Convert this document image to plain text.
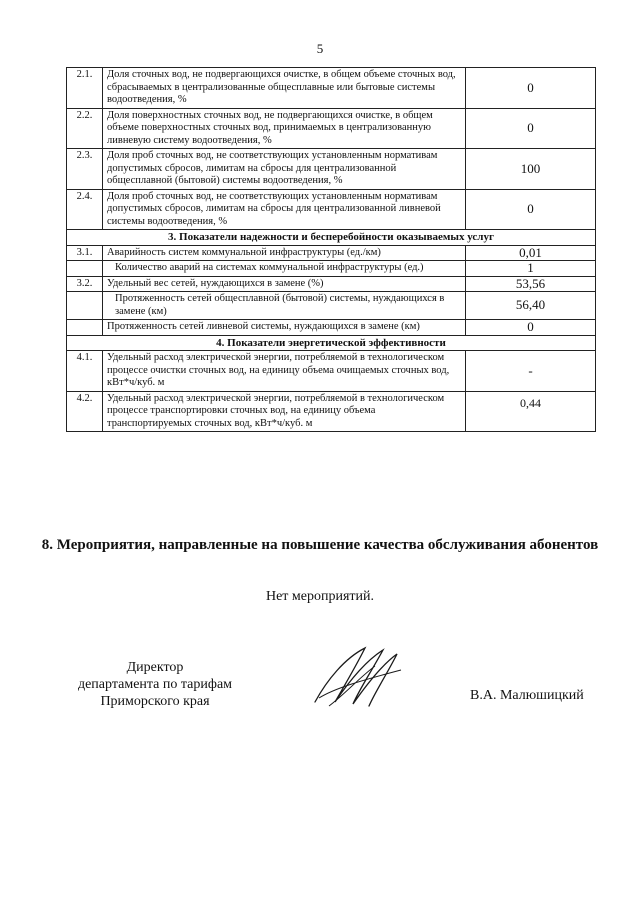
5
2.1.	Доля сточных вод, не подвергающихся очистке, в общем объеме сточных вод, сбрасываемых в централизованные общесплавные или бытовые системы водоотведения, %	0
2.2.	Доля поверхностных сточных вод, не подвергающихся очистке, в общем объеме поверхностных сточных вод, принимаемых в централизованную ливневую систему водоотведения, %	0
2.3.	Доля проб сточных вод, не соответствующих установленным нормативам допустимых сбросов, лимитам на сбросы для централизованной общесплавной (бытовой) системы водоотведения, %	100
2.4.	Доля проб сточных вод, не соответствующих установленным нормативам допустимых сбросов, лимитам на сбросы для централизованной ливневой системы водоотведения, %	0
3. Показатели надежности и бесперебойности оказываемых услуг		
3.1.	Аварийность систем коммунальной инфраструктуры (ед./км)	0,01
	Количество аварий на системах коммунальной инфраструктуры (ед.)	1
3.2.	Удельный вес сетей, нуждающихся в замене (%)	53,56
	Протяженность сетей общесплавной (бытовой) системы, нуждающихся в замене (км)	56,40
	Протяженность сетей ливневой системы, нуждающихся в замене (км)	0
4. Показатели энергетической эффективности		
4.1.	Удельный расход электрической энергии, потребляемой в технологическом процессе очистки сточных вод, на единицу объема очищаемых сточных вод, кВт*ч/куб. м	-
4.2.	Удельный расход электрической энергии, потребляемой в технологическом процессе транспортировки сточных вод, на единицу объема транспортируемых сточных вод, кВт*ч/куб. м	0,44
8. Мероприятия, направленные на повышение качества обслуживания абонентов
Нет мероприятий.
Директор
департамента по тарифам
Приморского края	В.А. Малюшицкий
